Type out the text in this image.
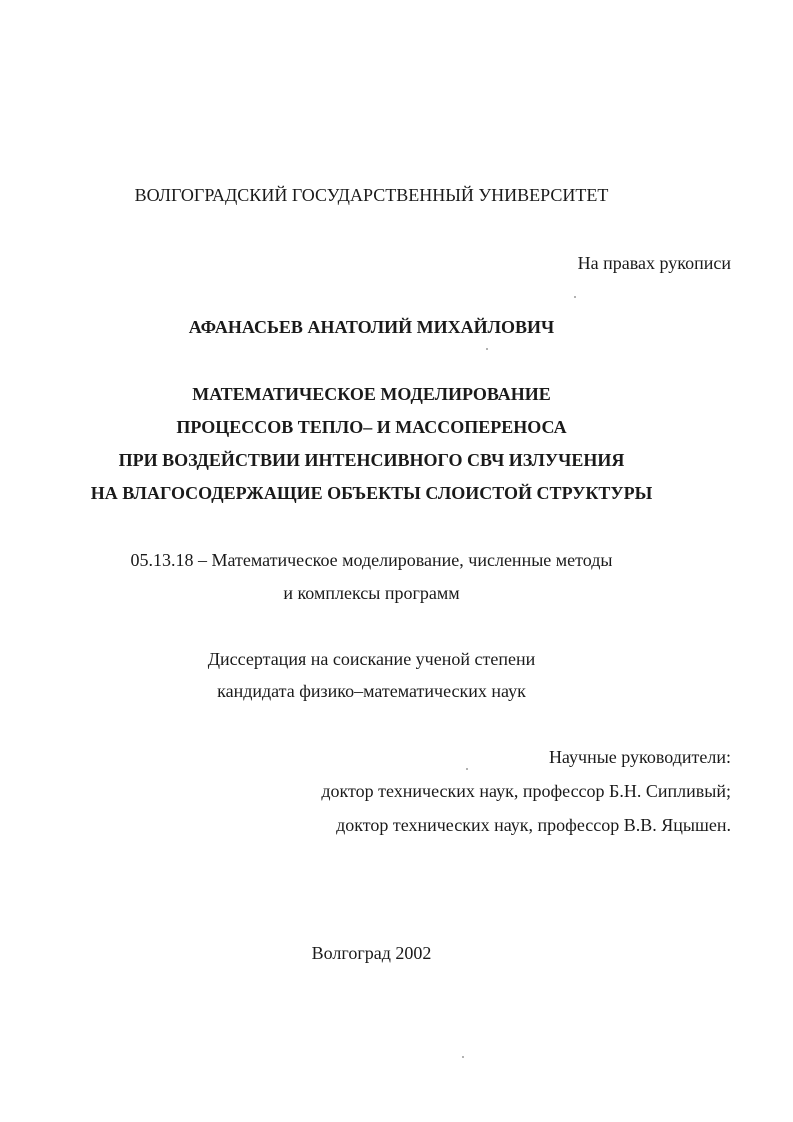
ВОЛГОГРАДСКИЙ ГОСУДАРСТВЕННЫЙ УНИВЕРСИТЕТ
На правах рукописи
АФАНАСЬЕВ АНАТОЛИЙ МИХАЙЛОВИЧ
МАТЕМАТИЧЕСКОЕ МОДЕЛИРОВАНИЕ
ПРОЦЕССОВ ТЕПЛО– И МАССОПЕРЕНОСА
ПРИ ВОЗДЕЙСТВИИ ИНТЕНСИВНОГО СВЧ ИЗЛУЧЕНИЯ
НА ВЛАГОСОДЕРЖАЩИЕ ОБЪЕКТЫ СЛОИСТОЙ СТРУКТУРЫ
05.13.18 – Математическое моделирование, численные методы
и комплексы программ
Диссертация на соискание ученой степени
кандидата физико–математических наук
Научные руководители:
доктор технических наук, профессор Б.Н. Сипливый;
доктор технических наук, профессор В.В. Яцышен.
Волгоград 2002
